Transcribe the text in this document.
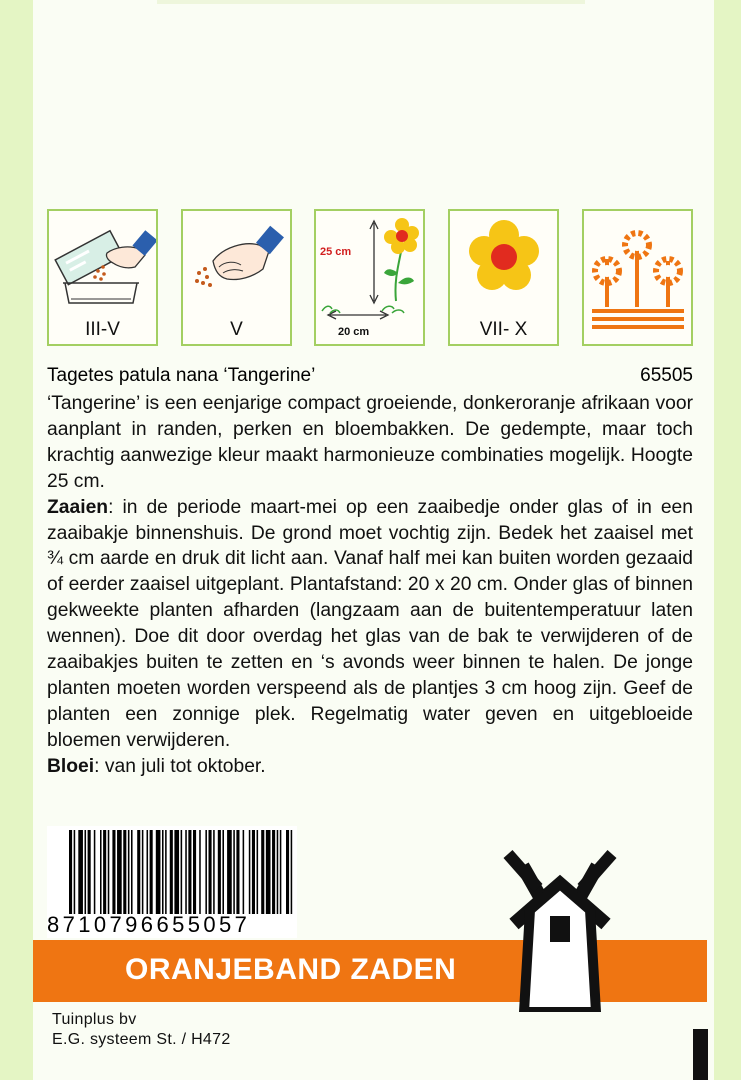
III-V	V
25 cm
20 cm	VII- X
Tagetes patula nana ‘Tangerine’	65505

‘Tangerine’ is een eenjarige compact groeiende, donkeroranje afrikaan voor aanplant in randen, perken en bloembakken. De gedempte, maar toch krachtig aanwezige kleur maakt harmonieuze combinaties mogelijk. Hoogte 25 cm.

Zaaien: in de periode maart-mei op een zaaibedje onder glas of in een zaaibakje binnenshuis. De grond moet vochtig zijn. Bedek het zaaisel met ¾ cm aarde en druk dit licht aan. Vanaf half mei kan buiten worden gezaaid of eerder zaaisel uitgeplant. Plantafstand: 20 x 20 cm. Onder glas of binnen gekweekte planten afharden (langzaam aan de buitentemperatuur laten wennen). Doe dit door overdag het glas van de bak te verwijderen of de zaaibakjes buiten te zetten en ‘s avonds weer binnen te halen. De jonge planten moeten worden verspeend als de plantjes 3 cm hoog zijn. Geef de planten een zonnige plek. Regelmatig water geven en uitgebloeide bloemen verwijderen.

Bloei: van juli tot oktober.

8710796655057
ORANJEBAND ZADEN
Tuinplus bv
E.G. systeem St. / H472
